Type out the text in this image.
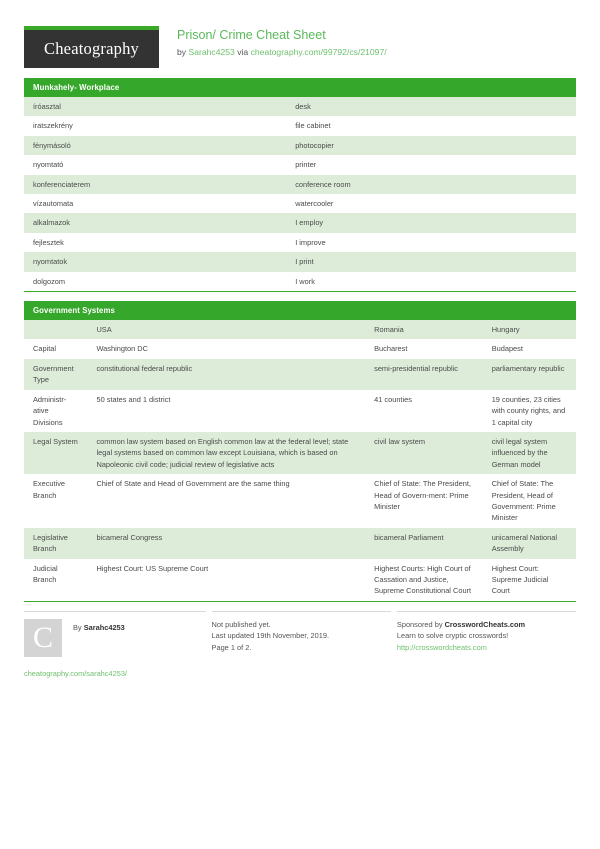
Cheatography
Prison/ Crime Cheat Sheet
by Sarahc4253 via cheatography.com/99792/cs/21097/
Munkahely- Workplace
íróasztal	desk
iratszekrény	file cabinet
fénymásoló	photocopier
nyomtató	printer
konferenciaterem	conference room
vízautomata	watercooler
alkalmazok	I employ
fejlesztek	I improve
nyomtatok	I print
dolgozom	I work
Government Systems
	USA	Romania	Hungary
Capital	Washington DC	Bucharest	Budapest
Government Type	constitutional federal republic	semi-​presidential republic	parliamentary republic
Administr-​ative Divisions	50 states and 1 district	41 counties	19 counties, 23 cities with county rights, and 1 capital city
Legal System	common law system based on English common law at the federal level; state legal systems based on common law except Louisiana, which is based on Napoleonic civil code; judicial review of legislative acts	civil law system	civil legal system influenced by the German model
Executive Branch	Chief of State and Head of Government are the same thing	Chief of State: The President, Head of Govern-​ment: Prime Minister	Chief of State: The President, Head of Government: Prime Minister
Legislative Branch	bicameral Congress	bicameral Parliament	unicameral National Assembly
Judicial Branch	Highest Court: US Supreme Court	Highest Courts: High Court of Cassation and Justice, Supreme Constitutional Court	Highest Court: Supreme Judicial Court
C	By Sarahc4253
cheatography.com/sarahc4253/
Not published yet.
Last updated 19th November, 2019.
Page 1 of 2.
Sponsored by CrosswordCheats.com
Learn to solve cryptic crosswords!
http://crosswordcheats.com
